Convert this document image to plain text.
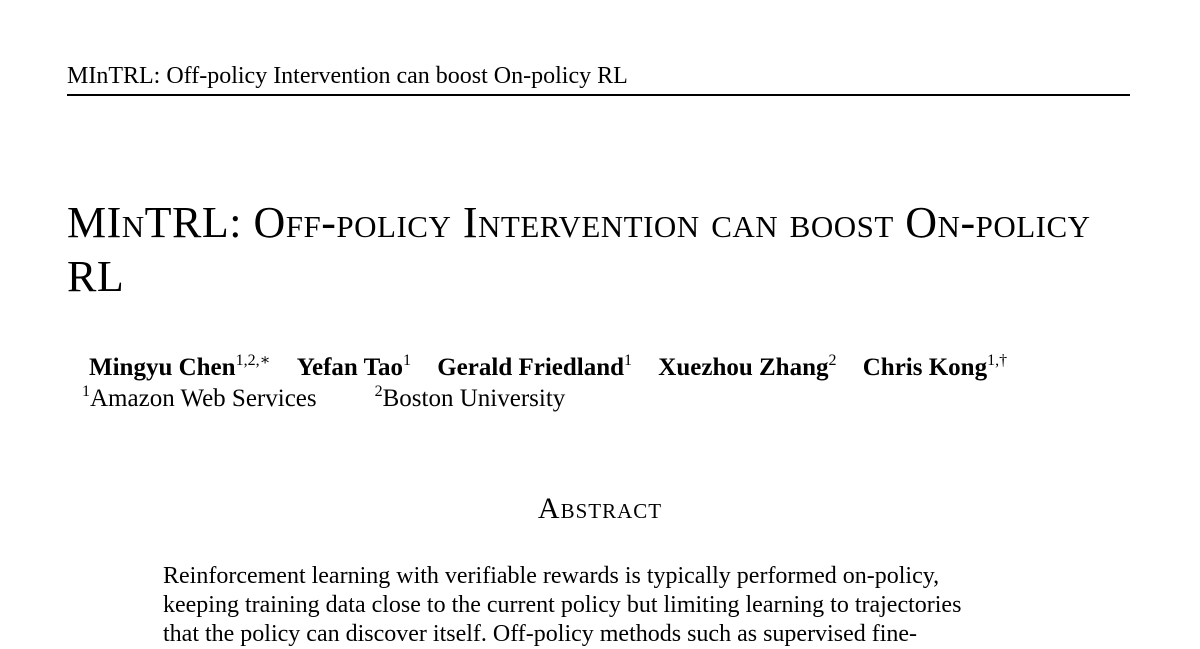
MInTRL: Off-policy Intervention can boost On-policy RL
MInTRL: Off-policy Intervention can boost On-policy RL
Mingyu Chen$^{1,2,∗}$ Yefan Tao$^1$ Gerald Friedland$^1$ Xuezhou Zhang$^2$ Chris Kong$^{1,\dagger}$
$^1$Amazon Web Services	$^2$Boston University
Abstract
Reinforcement learning with verifiable rewards is typically performed on-policy,
keeping training data close to the current policy but limiting learning to trajectories
that the policy can discover itself. Off-policy methods such as supervised fine-
